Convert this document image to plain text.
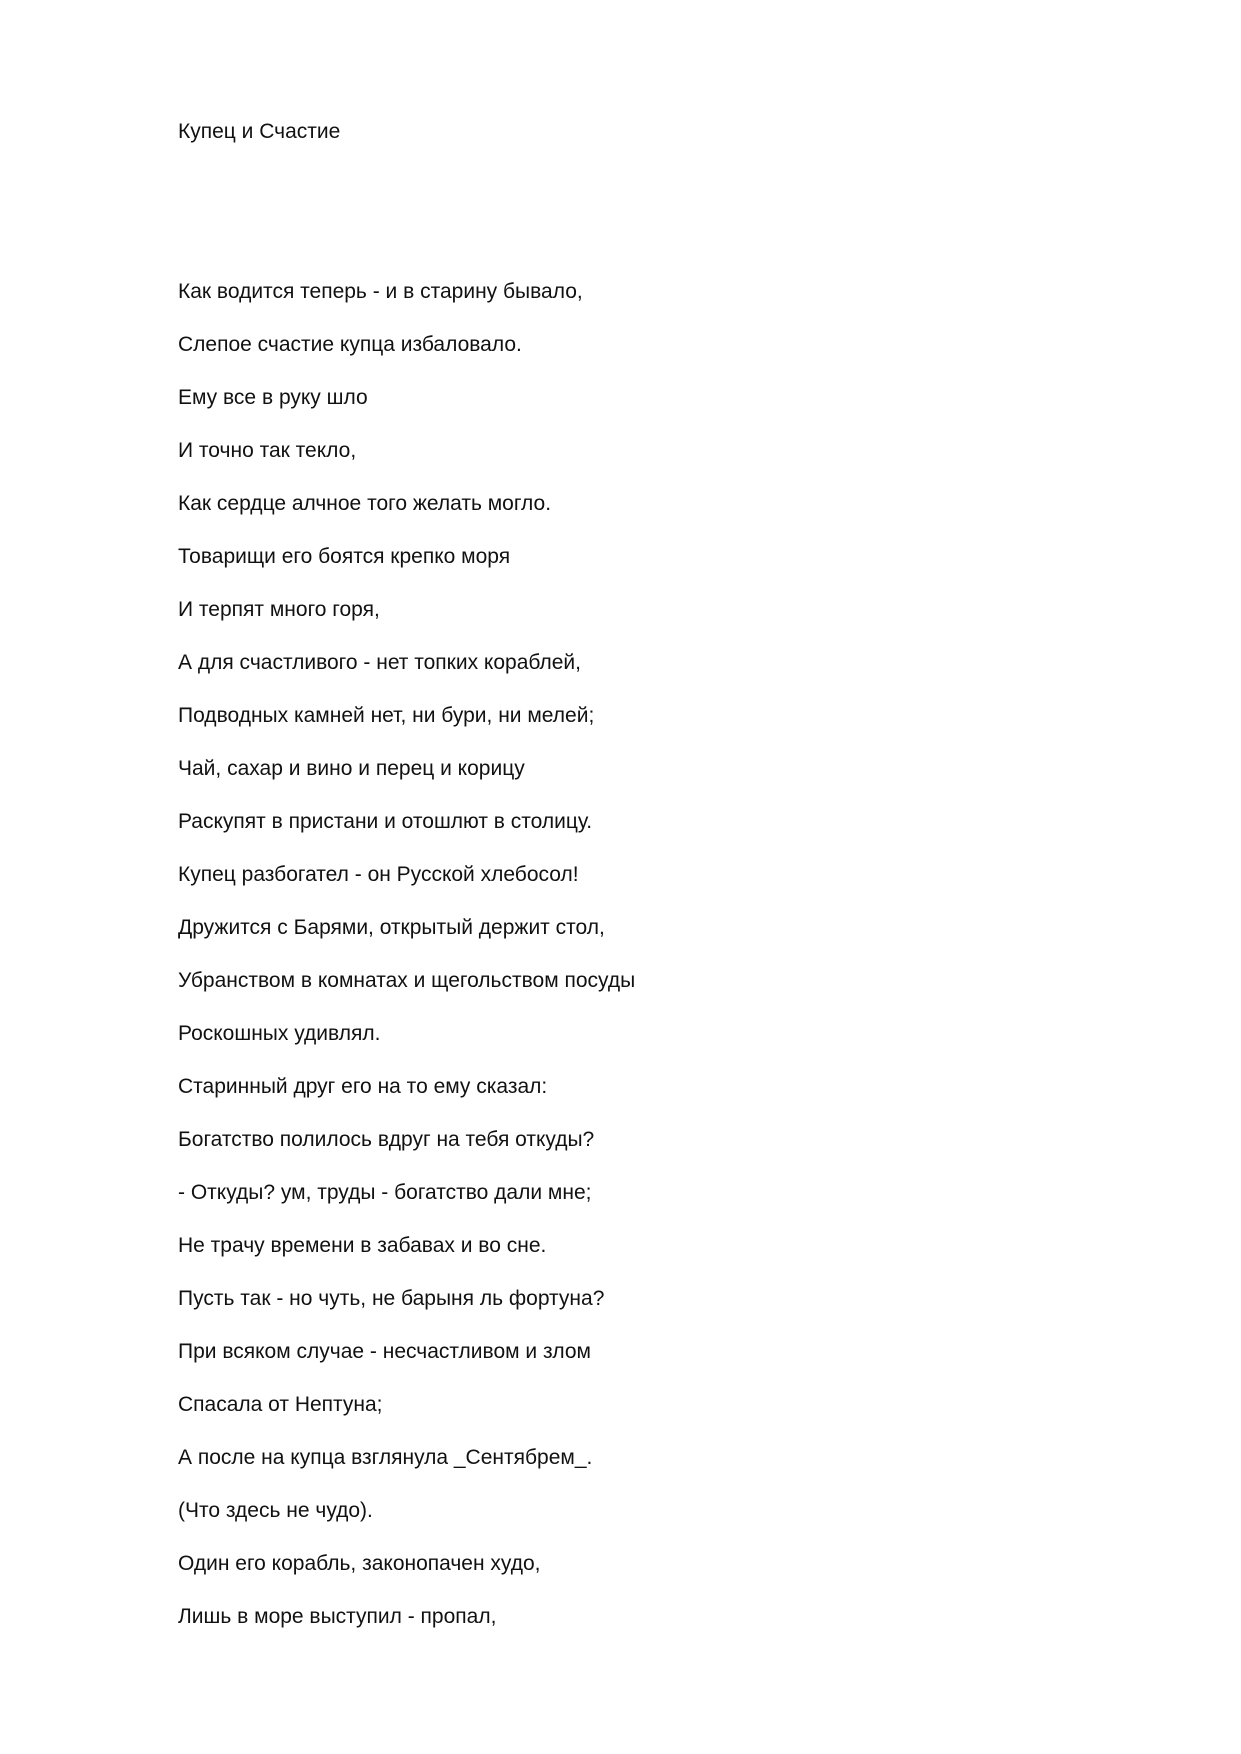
Купец и Счастие
Как водится теперь - и в старину бывало,
Слепое счастие купца избаловало.
Ему все в руку шло
И точно так текло,
Как сердце алчное того желать могло.
Товарищи его боятся крепко моря
И терпят много горя,
А для счастливого - нет топких кораблей,
Подводных камней нет, ни бури, ни мелей;
Чай, сахар и вино и перец и корицу
Раскупят в пристани и отошлют в столицу.
Купец разбогател - он Русской хлебосол!
Дружится с Барями, открытый держит стол,
Убранством в комнатах и щегольством посуды
Роскошных удивлял.
Старинный друг его на то ему сказал:
Богатство полилось вдруг на тебя откуды?
- Откуды? ум, труды - богатство дали мне;
Не трачу времени в забавах и во сне.
Пусть так - но чуть, не барыня ль фортуна?
При всяком случае - несчастливом и злом
Спасала от Нептуна;
А после на купца взглянула _Сентябрем_.
(Что здесь не чудо).
Один его корабль, законопачен худо,
Лишь в море выступил - пропал,
